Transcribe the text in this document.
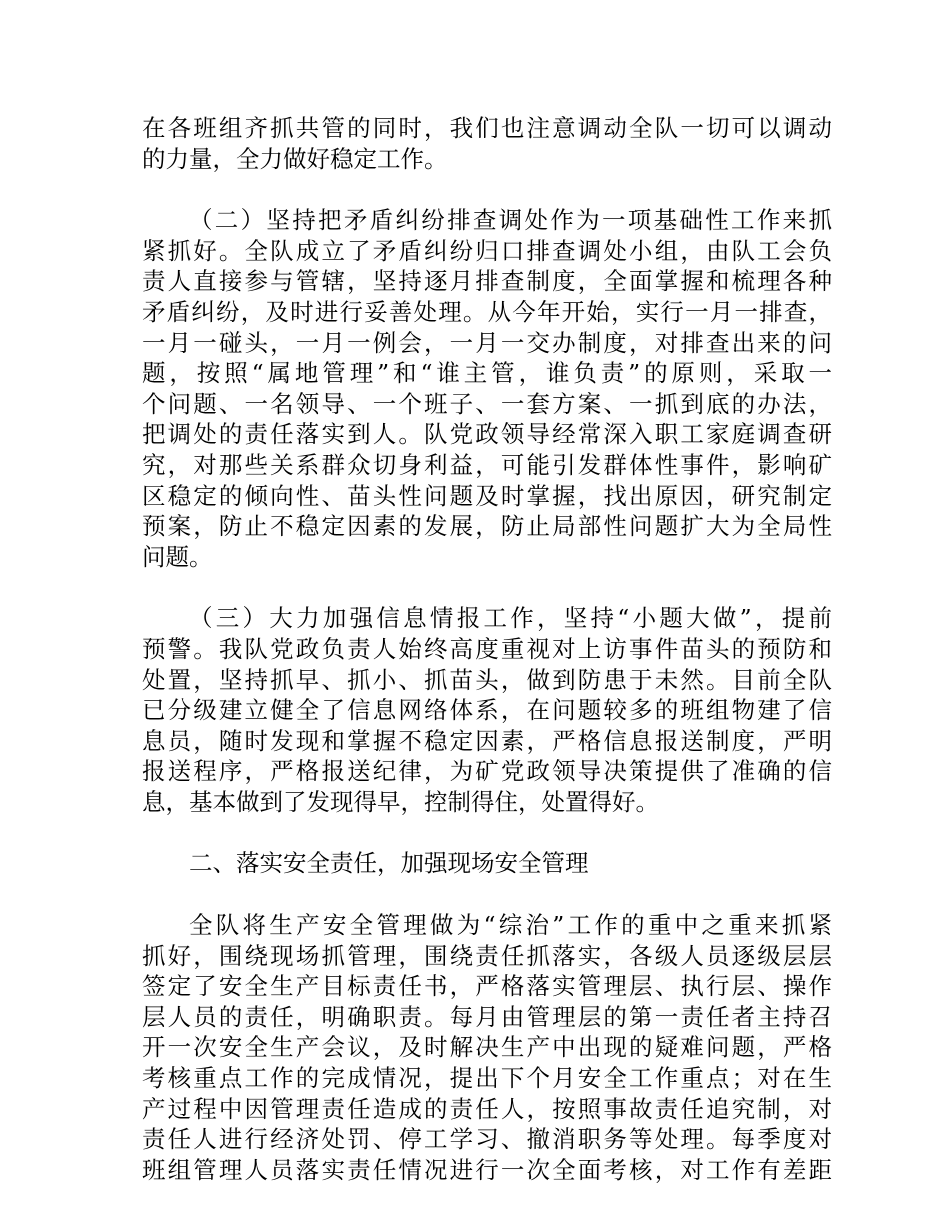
在各班组齐抓共管的同时，我们也注意调动全队一切可以调动
的力量，全力做好稳定工作。
（二）坚持把矛盾纠纷排查调处作为一项基础性工作来抓
紧抓好。全队成立了矛盾纠纷归口排查调处小组，由队工会负
责人直接参与管辖，坚持逐月排查制度，全面掌握和梳理各种
矛盾纠纷，及时进行妥善处理。从今年开始，实行一月一排查，
一月一碰头，一月一例会，一月一交办制度，对排查出来的问
题，按照“属地管理”和“谁主管，谁负责”的原则，采取一
个问题、一名领导、一个班子、一套方案、一抓到底的办法，
把调处的责任落实到人。队党政领导经常深入职工家庭调查研
究，对那些关系群众切身利益，可能引发群体性事件，影响矿
区稳定的倾向性、苗头性问题及时掌握，找出原因，研究制定
预案，防止不稳定因素的发展，防止局部性问题扩大为全局性
问题。
（三）大力加强信息情报工作，坚持“小题大做”，提前
预警。我队党政负责人始终高度重视对上访事件苗头的预防和
处置，坚持抓早、抓小、抓苗头，做到防患于未然。目前全队
已分级建立健全了信息网络体系，在问题较多的班组物建了信
息员，随时发现和掌握不稳定因素，严格信息报送制度，严明
报送程序，严格报送纪律，为矿党政领导决策提供了准确的信
息，基本做到了发现得早，控制得住，处置得好。
二、落实安全责任，加强现场安全管理
全队将生产安全管理做为“综治”工作的重中之重来抓紧
抓好，围绕现场抓管理，围绕责任抓落实，各级人员逐级层层
签定了安全生产目标责任书，严格落实管理层、执行层、操作
层人员的责任，明确职责。每月由管理层的第一责任者主持召
开一次安全生产会议，及时解决生产中出现的疑难问题，严格
考核重点工作的完成情况，提出下个月安全工作重点；对在生
产过程中因管理责任造成的责任人，按照事故责任追究制，对
责任人进行经济处罚、停工学习、撤消职务等处理。每季度对
班组管理人员落实责任情况进行一次全面考核，对工作有差距
